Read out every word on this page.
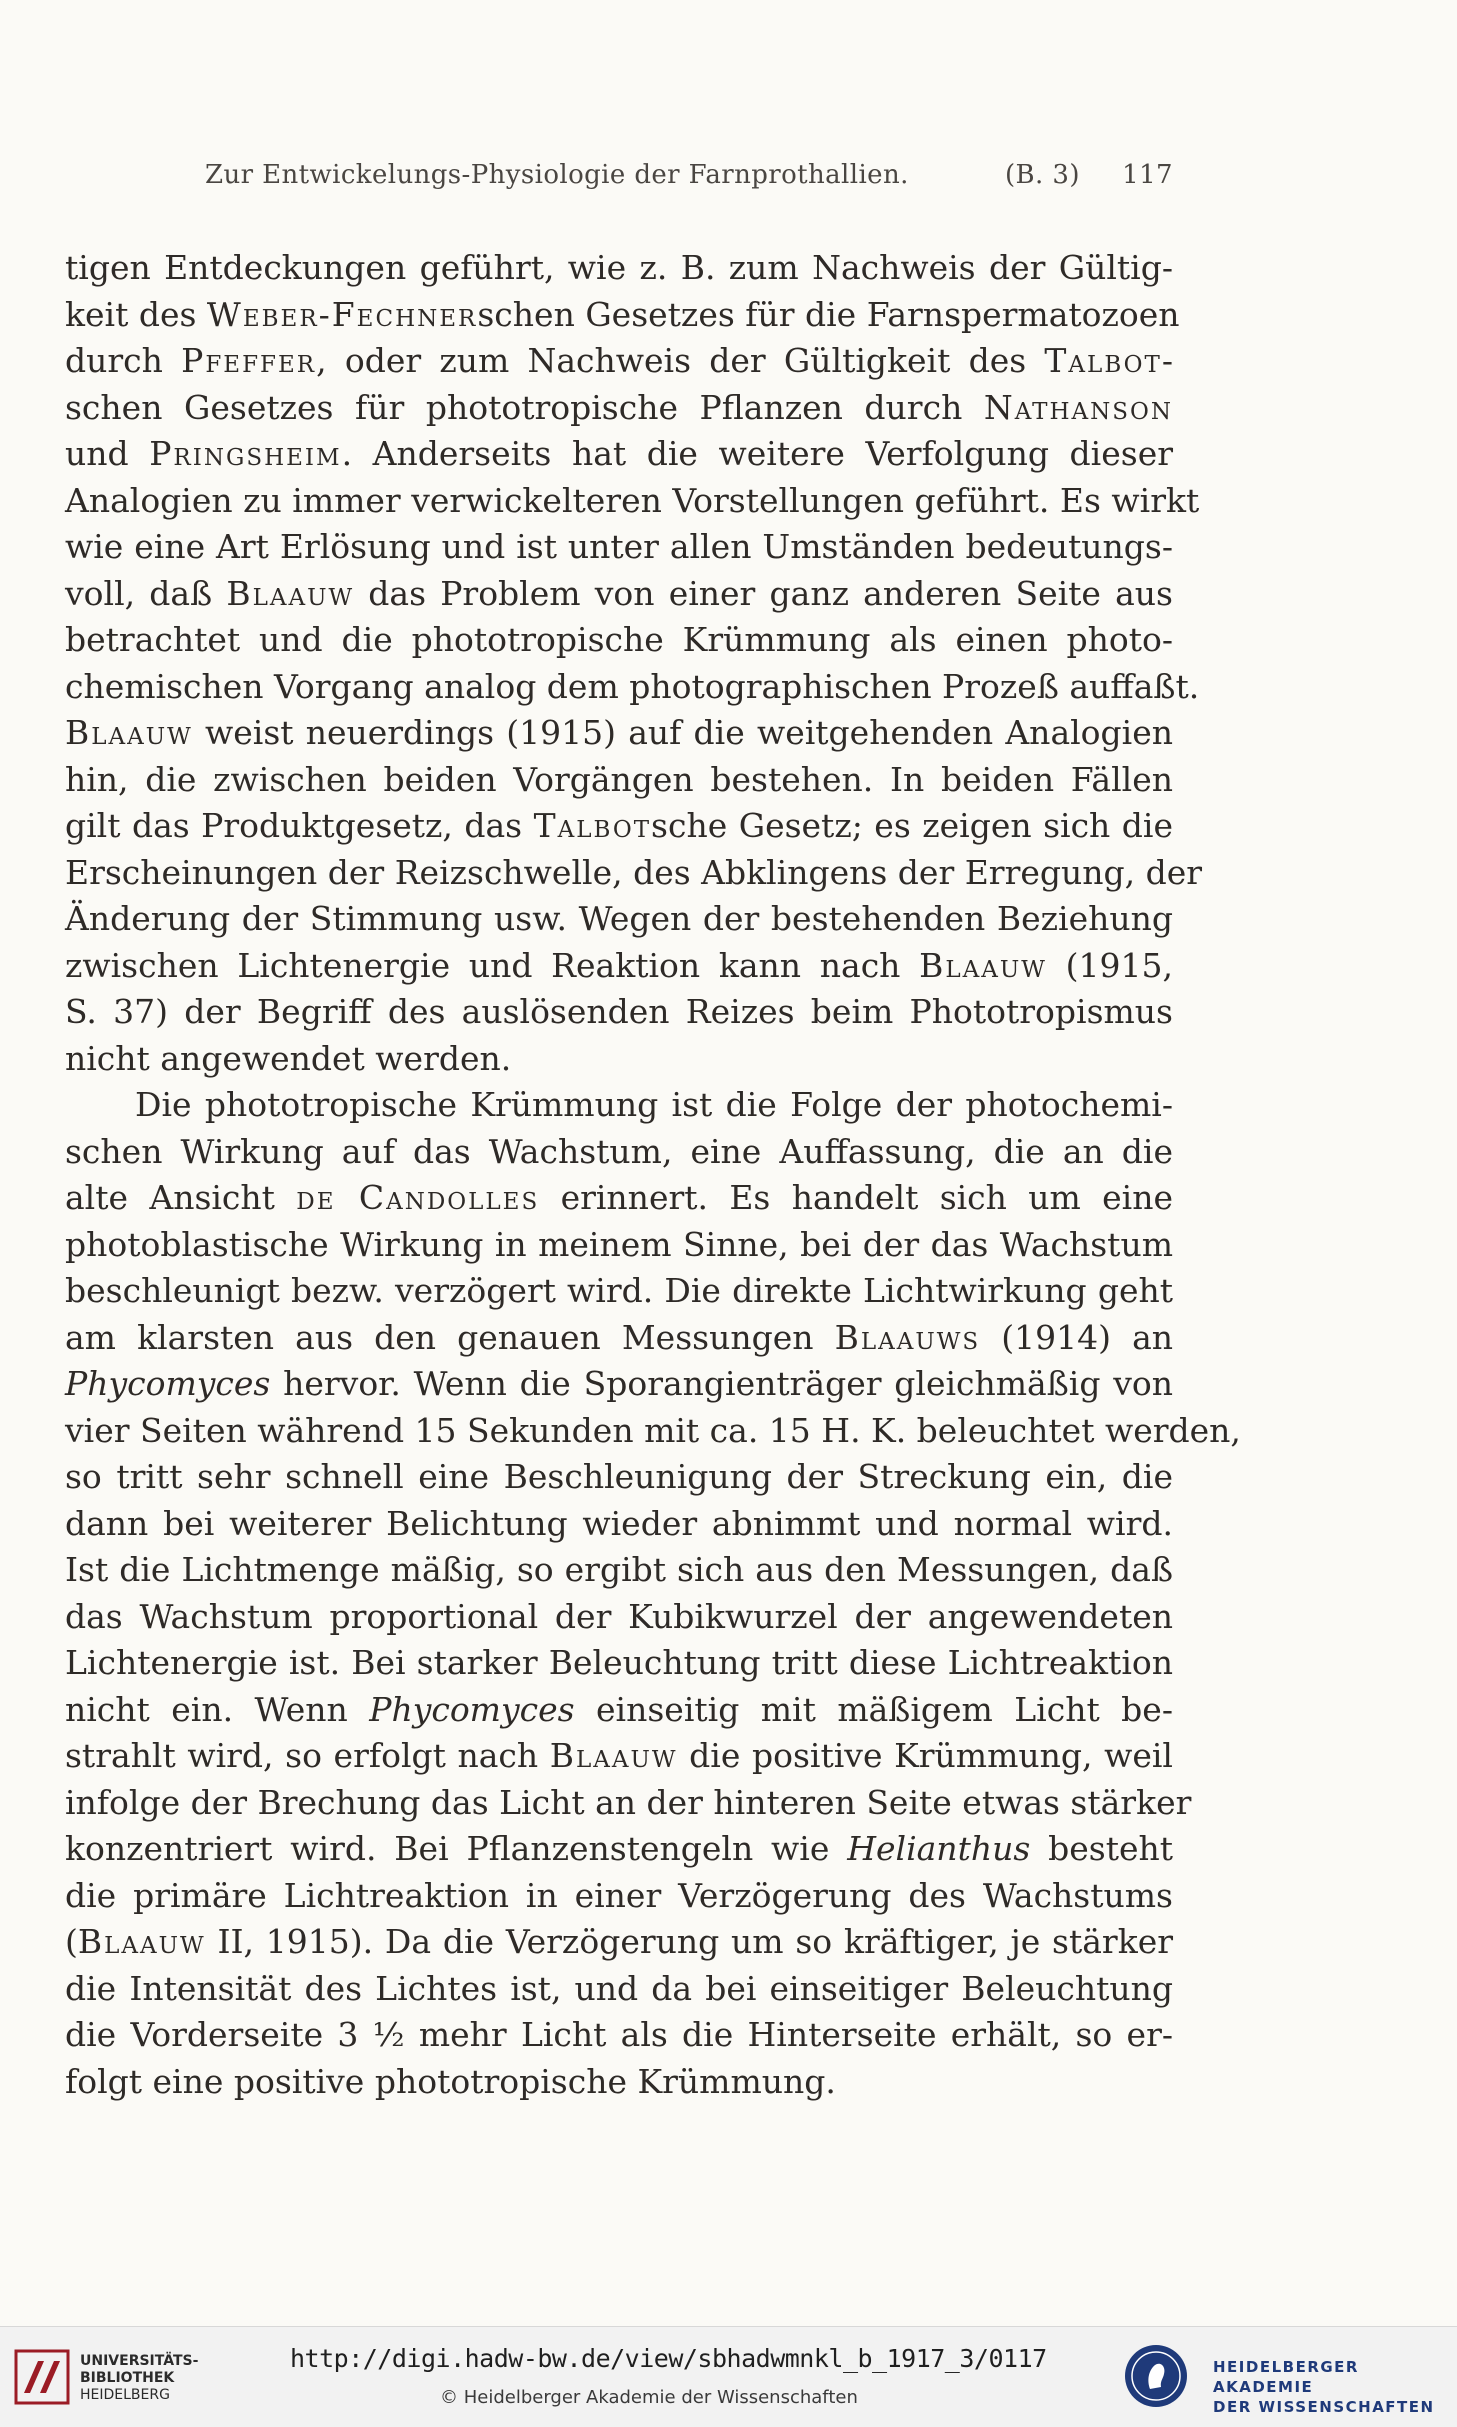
Zur Entwickelungs-Physiologie der Farnprothallien.	(B. 3) 117
tigen Entdeckungen geführt, wie z. B. zum Nachweis der Gültig-
keit des Weber-Fechnerschen Gesetzes für die Farnspermatozoen
durch Pfeffer, oder zum Nachweis der Gültigkeit des Talbot-
schen Gesetzes für phototropische Pflanzen durch Nathanson
und Pringsheim. Anderseits hat die weitere Verfolgung dieser
Analogien zu immer verwickelteren Vorstellungen geführt. Es wirkt
wie eine Art Erlösung und ist unter allen Umständen bedeutungs-
voll, daß Blaauw das Problem von einer ganz anderen Seite aus
betrachtet und die phototropische Krümmung als einen photo-
chemischen Vorgang analog dem photographischen Prozeß auffaßt.
Blaauw weist neuerdings (1915) auf die weitgehenden Analogien
hin, die zwischen beiden Vorgängen bestehen. In beiden Fällen
gilt das Produktgesetz, das Talbotsche Gesetz; es zeigen sich die
Erscheinungen der Reizschwelle, des Abklingens der Erregung, der
Änderung der Stimmung usw. Wegen der bestehenden Beziehung
zwischen Lichtenergie und Reaktion kann nach Blaauw (1915,
S. 37) der Begriff des auslösenden Reizes beim Phototropismus
nicht angewendet werden.
Die phototropische Krümmung ist die Folge der photochemi-
schen Wirkung auf das Wachstum, eine Auffassung, die an die
alte Ansicht de Candolles erinnert. Es handelt sich um eine
photoblastische Wirkung in meinem Sinne, bei der das Wachstum
beschleunigt bezw. verzögert wird. Die direkte Lichtwirkung geht
am klarsten aus den genauen Messungen Blaauws (1914) an
Phycomyces hervor. Wenn die Sporangienträger gleichmäßig von
vier Seiten während 15 Sekunden mit ca. 15 H. K. beleuchtet werden,
so tritt sehr schnell eine Beschleunigung der Streckung ein, die
dann bei weiterer Belichtung wieder abnimmt und normal wird.
Ist die Lichtmenge mäßig, so ergibt sich aus den Messungen, daß
das Wachstum proportional der Kubikwurzel der angewendeten
Lichtenergie ist. Bei starker Beleuchtung tritt diese Lichtreaktion
nicht ein. Wenn Phycomyces einseitig mit mäßigem Licht be-
strahlt wird, so erfolgt nach Blaauw die positive Krümmung, weil
infolge der Brechung das Licht an der hinteren Seite etwas stärker
konzentriert wird. Bei Pflanzenstengeln wie Helianthus besteht
die primäre Lichtreaktion in einer Verzögerung des Wachstums
(Blaauw II, 1915). Da die Verzögerung um so kräftiger, je stärker
die Intensität des Lichtes ist, und da bei einseitiger Beleuchtung
die Vorderseite 3 ½ mehr Licht als die Hinterseite erhält, so er-
folgt eine positive phototropische Krümmung.
UNIVERSITÄTS-
BIBLIOTHEK
HEIDELBERG
http://digi.hadw-bw.de/view/sbhadwmnkl_b_1917_3/0117
© Heidelberger Akademie der Wissenschaften
HEIDELBERGER AKADEMIE
DER WISSENSCHAFTEN
